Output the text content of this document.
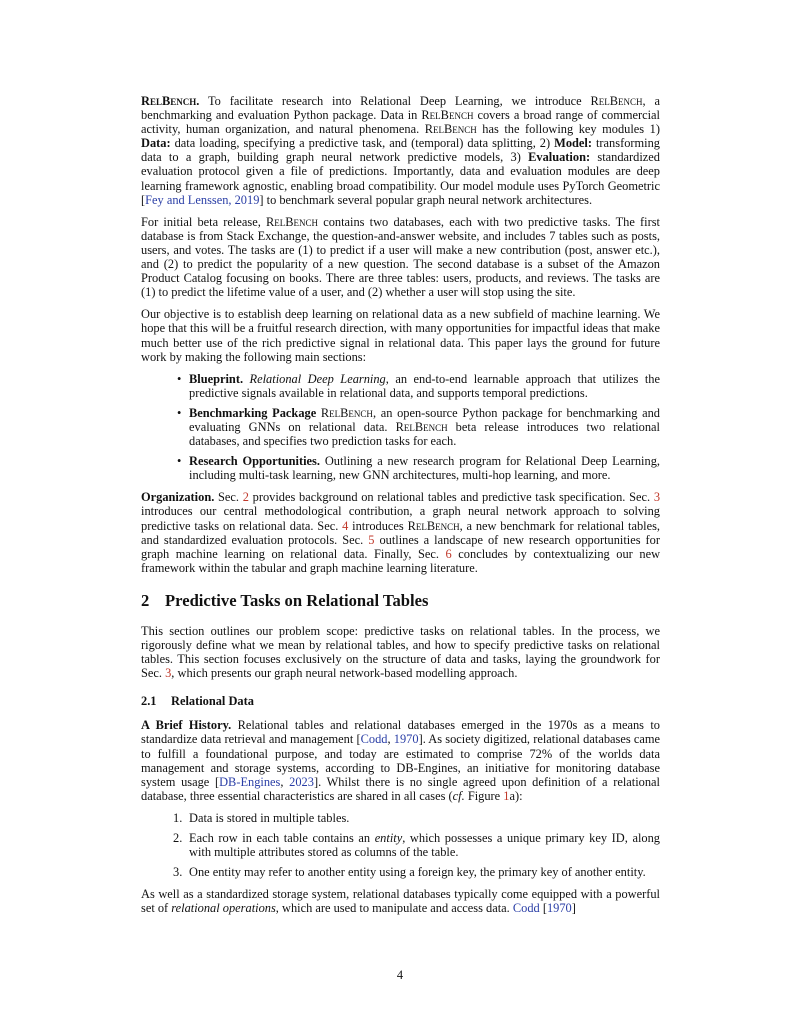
RelBench. To facilitate research into Relational Deep Learning, we introduce RelBench, a benchmarking and evaluation Python package. Data in RelBench covers a broad range of commercial activity, human organization, and natural phenomena. RelBench has the following key modules 1) Data: data loading, specifying a predictive task, and (temporal) data splitting, 2) Model: transforming data to a graph, building graph neural network predictive models, 3) Evaluation: standardized evaluation protocol given a file of predictions. Importantly, data and evaluation modules are deep learning framework agnostic, enabling broad compatibility. Our model module uses PyTorch Geometric [Fey and Lenssen, 2019] to benchmark several popular graph neural network architectures.

For initial beta release, RelBench contains two databases, each with two predictive tasks. The first database is from Stack Exchange, the question-and-answer website, and includes 7 tables such as posts, users, and votes. The tasks are (1) to predict if a user will make a new contribution (post, answer etc.), and (2) to predict the popularity of a new question. The second database is a subset of the Amazon Product Catalog focusing on books. There are three tables: users, products, and reviews. The tasks are (1) to predict the lifetime value of a user, and (2) whether a user will stop using the site.

Our objective is to establish deep learning on relational data as a new subfield of machine learning. We hope that this will be a fruitful research direction, with many opportunities for impactful ideas that make much better use of the rich predictive signal in relational data. This paper lays the ground for future work by making the following main sections:

• Blueprint. Relational Deep Learning, an end-to-end learnable approach that utilizes the predictive signals available in relational data, and supports temporal predictions.
• Benchmarking Package RelBench, an open-source Python package for benchmarking and evaluating GNNs on relational data. RelBench beta release introduces two relational databases, and specifies two prediction tasks for each.
• Research Opportunities. Outlining a new research program for Relational Deep Learning, including multi-task learning, new GNN architectures, multi-hop learning, and more.

Organization. Sec. 2 provides background on relational tables and predictive task specification. Sec. 3 introduces our central methodological contribution, a graph neural network approach to solving predictive tasks on relational data. Sec. 4 introduces RelBench, a new benchmark for relational tables, and standardized evaluation protocols. Sec. 5 outlines a landscape of new research opportunities for graph machine learning on relational data. Finally, Sec. 6 concludes by contextualizing our new framework within the tabular and graph machine learning literature.

2 Predictive Tasks on Relational Tables

This section outlines our problem scope: predictive tasks on relational tables. In the process, we rigorously define what we mean by relational tables, and how to specify predictive tasks on relational tables. This section focuses exclusively on the structure of data and tasks, laying the groundwork for Sec. 3, which presents our graph neural network-based modelling approach.

2.1 Relational Data

A Brief History. Relational tables and relational databases emerged in the 1970s as a means to standardize data retrieval and management [Codd, 1970]. As society digitized, relational databases came to fulfill a foundational purpose, and today are estimated to comprise 72% of the worlds data management and storage systems, according to DB-Engines, an initiative for monitoring database system usage [DB-Engines, 2023]. Whilst there is no single agreed upon definition of a relational database, three essential characteristics are shared in all cases (cf. Figure 1a):

1. Data is stored in multiple tables.
2. Each row in each table contains an entity, which possesses a unique primary key ID, along with multiple attributes stored as columns of the table.
3. One entity may refer to another entity using a foreign key, the primary key of another entity.

As well as a standardized storage system, relational databases typically come equipped with a powerful set of relational operations, which are used to manipulate and access data. Codd [1970]

4
